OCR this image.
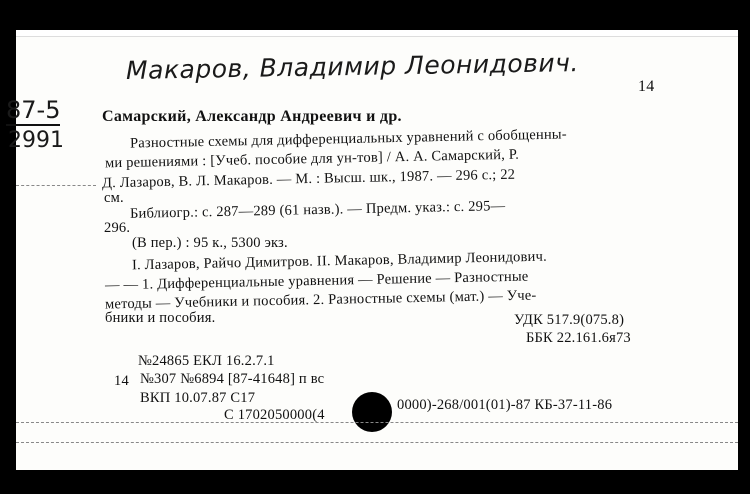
Макаров, Владимир Леонидович.
14
87-5
2991
Самарский, Александр Андреевич и др.
Разностные схемы для дифференциальных уравнений с обобщенны-
ми решениями : [Учеб. пособие для ун-тов] / А. А. Самарский, Р.
Д. Лазаров, В. Л. Макаров. — М. : Высш. шк., 1987. — 296 с.; 22
см.
Библиогр.: с. 287—289 (61 назв.). — Предм. указ.: с. 295—
296.
(В пер.) : 95 к., 5300 экз.
I. Лазаров, Райчо Димитров. II. Макаров, Владимир Леонидович.
— — 1. Дифференциальные уравнения — Решение — Разностные
методы — Учебники и пособия. 2. Разностные схемы (мат.) — Уче-
бники и пособия.	УДК 517.9(075.8)
ББК 22.161.6я73
№24865 ЕКЛ 16.2.7.1
14 №307 №6894 [87-41648] п вс
ВКП 10.07.87 С17
С 1702050000(4
0000)-268/001(01)-87 КБ-37-11-86
